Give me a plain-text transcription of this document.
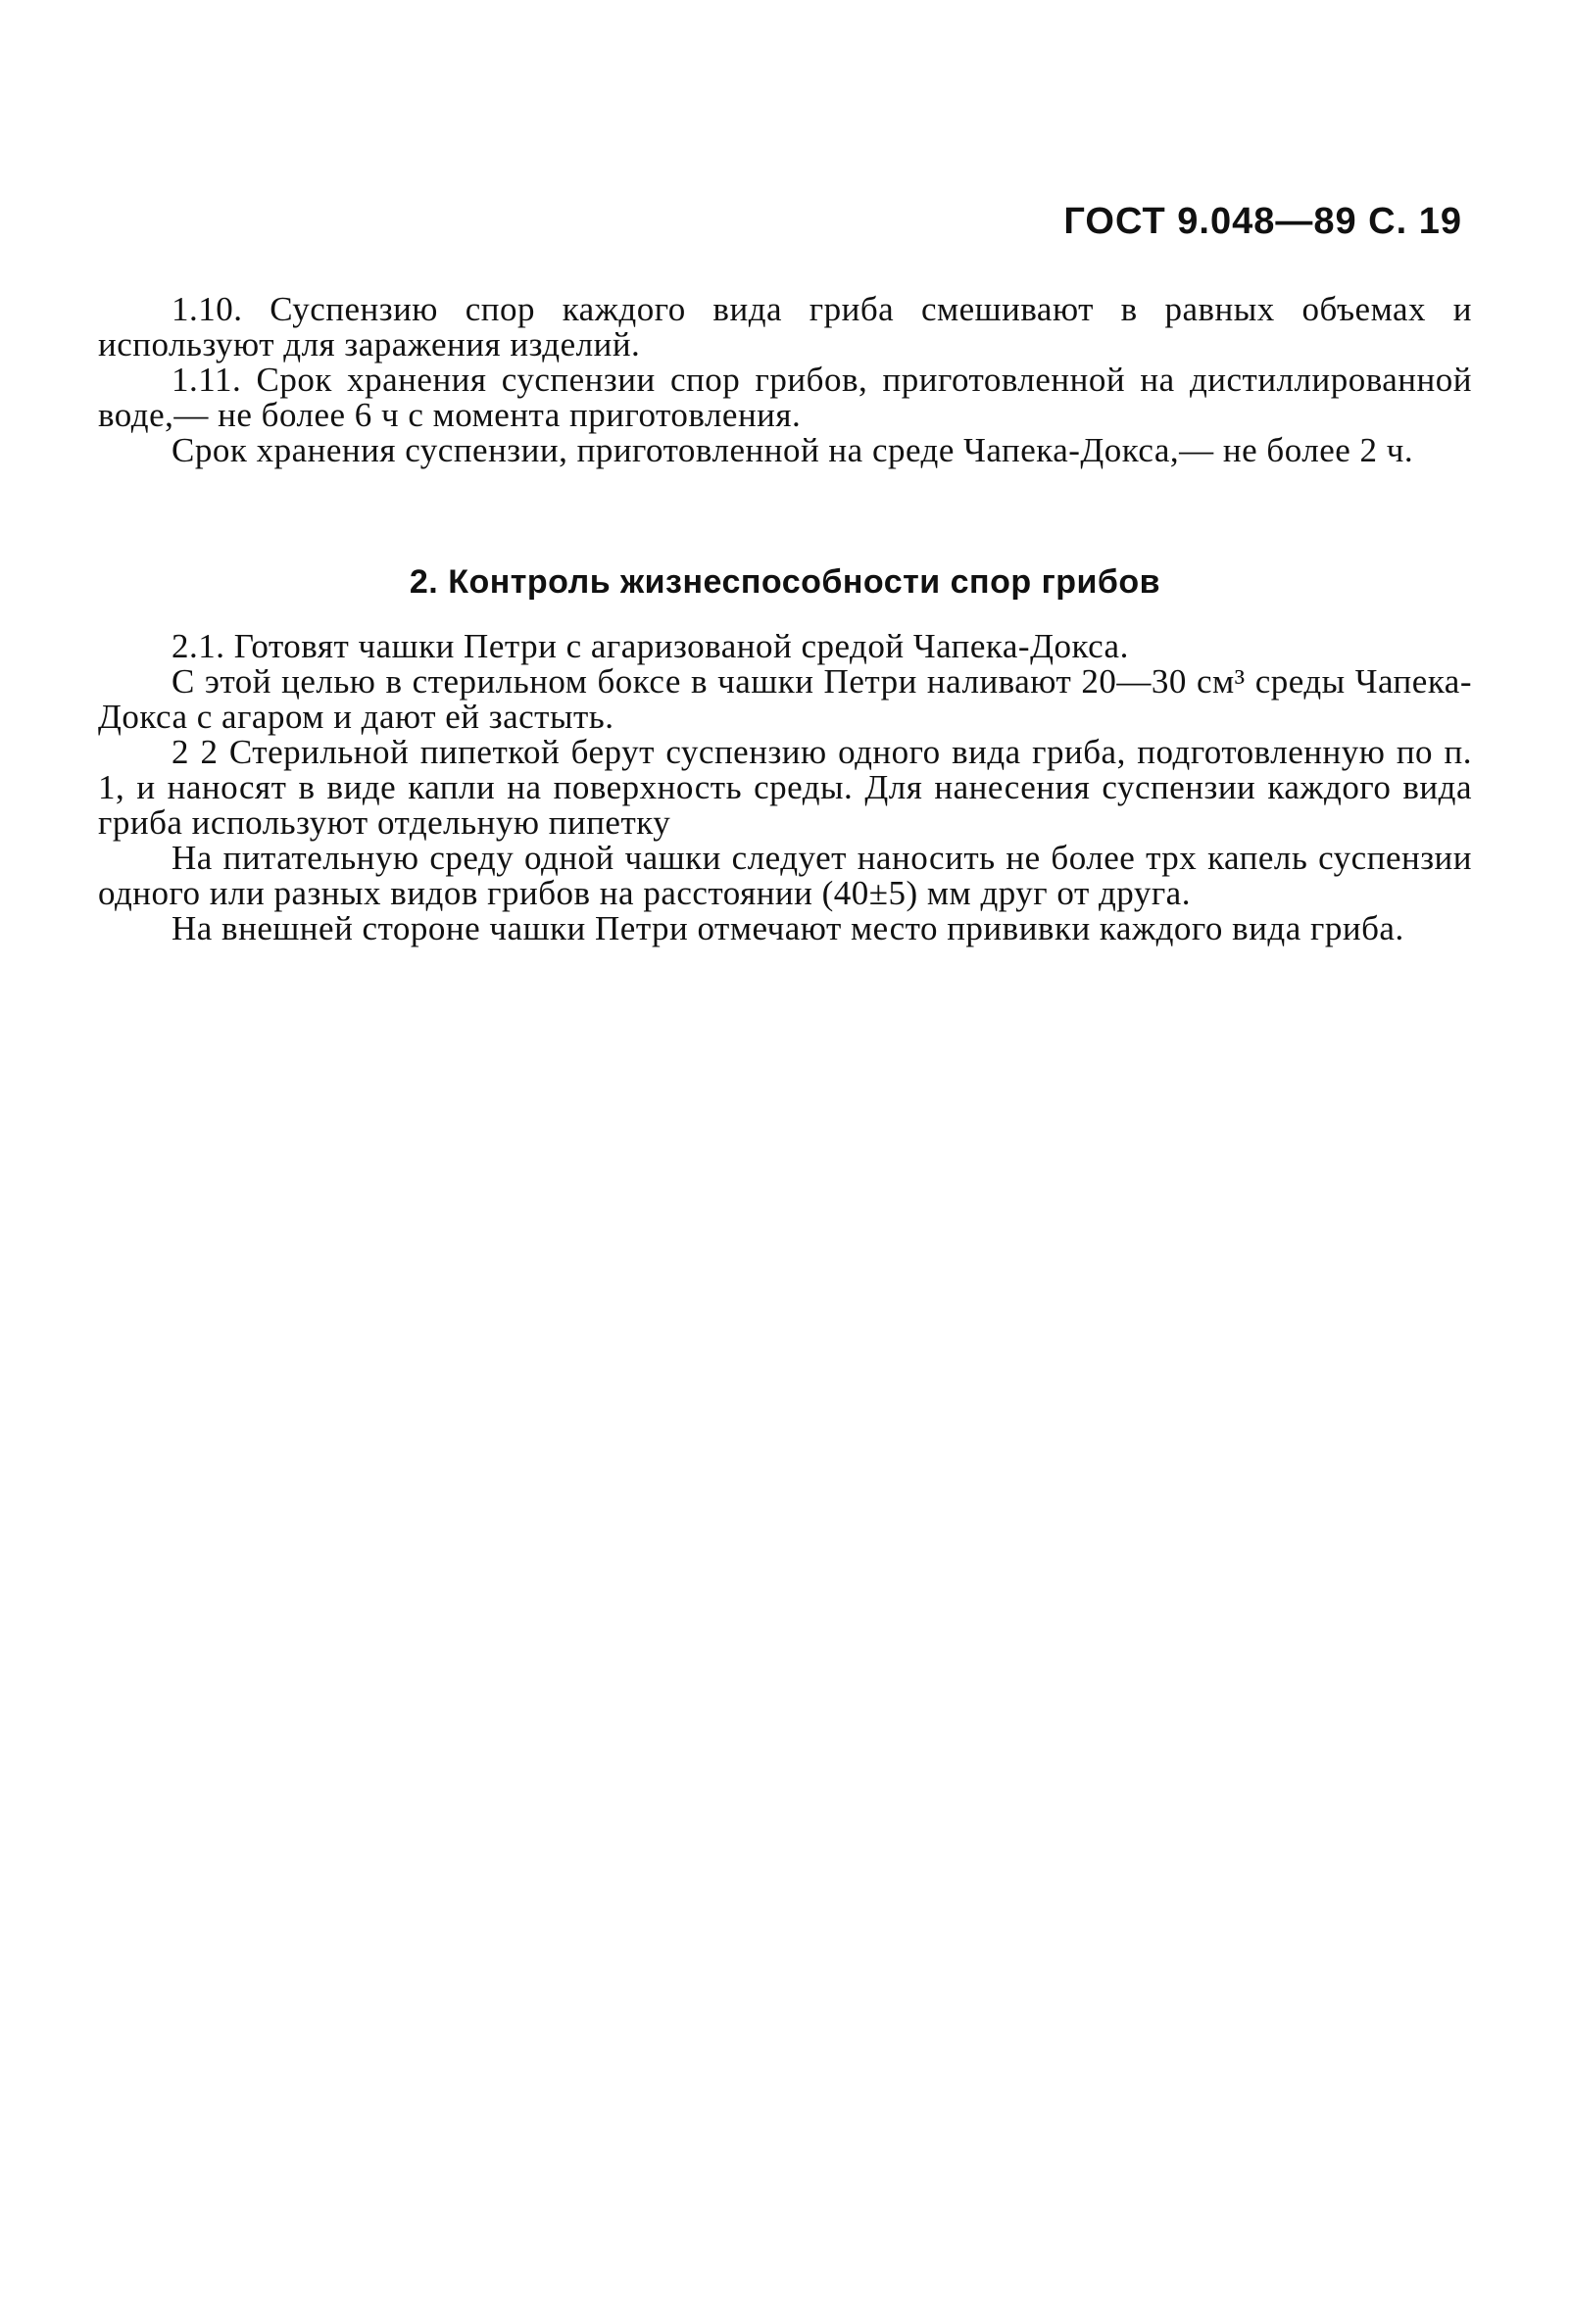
ГОСТ 9.048—89 С. 19

1.10. Суспензию спор каждого вида гриба смешивают в равных объемах и используют для заражения изделий.

1.11. Срок хранения суспензии спор грибов, приготовленной на дистиллированной воде,— не более 6 ч с момента приготовления.

Срок хранения суспензии, приготовленной на среде Чапека-Докса,— не более 2 ч.

2. Контроль жизнеспособности спор грибов

2.1. Готовят чашки Петри с агаризованой средой Чапека-Докса.

С этой целью в стерильном боксе в чашки Петри наливают 20—30 см³ среды Чапека-Докса с агаром и дают ей застыть.

2 2 Стерильной пипеткой берут суспензию одного вида гриба, подготовленную по п. 1, и наносят в виде капли на поверхность среды. Для нанесения суспензии каждого вида гриба используют отдельную пипетку

На питательную среду одной чашки следует наносить не более трх капель суспензии одного или разных видов грибов на расстоянии (40±5) мм друг от друга.

На внешней стороне чашки Петри отмечают место прививки каждого вида гриба.
